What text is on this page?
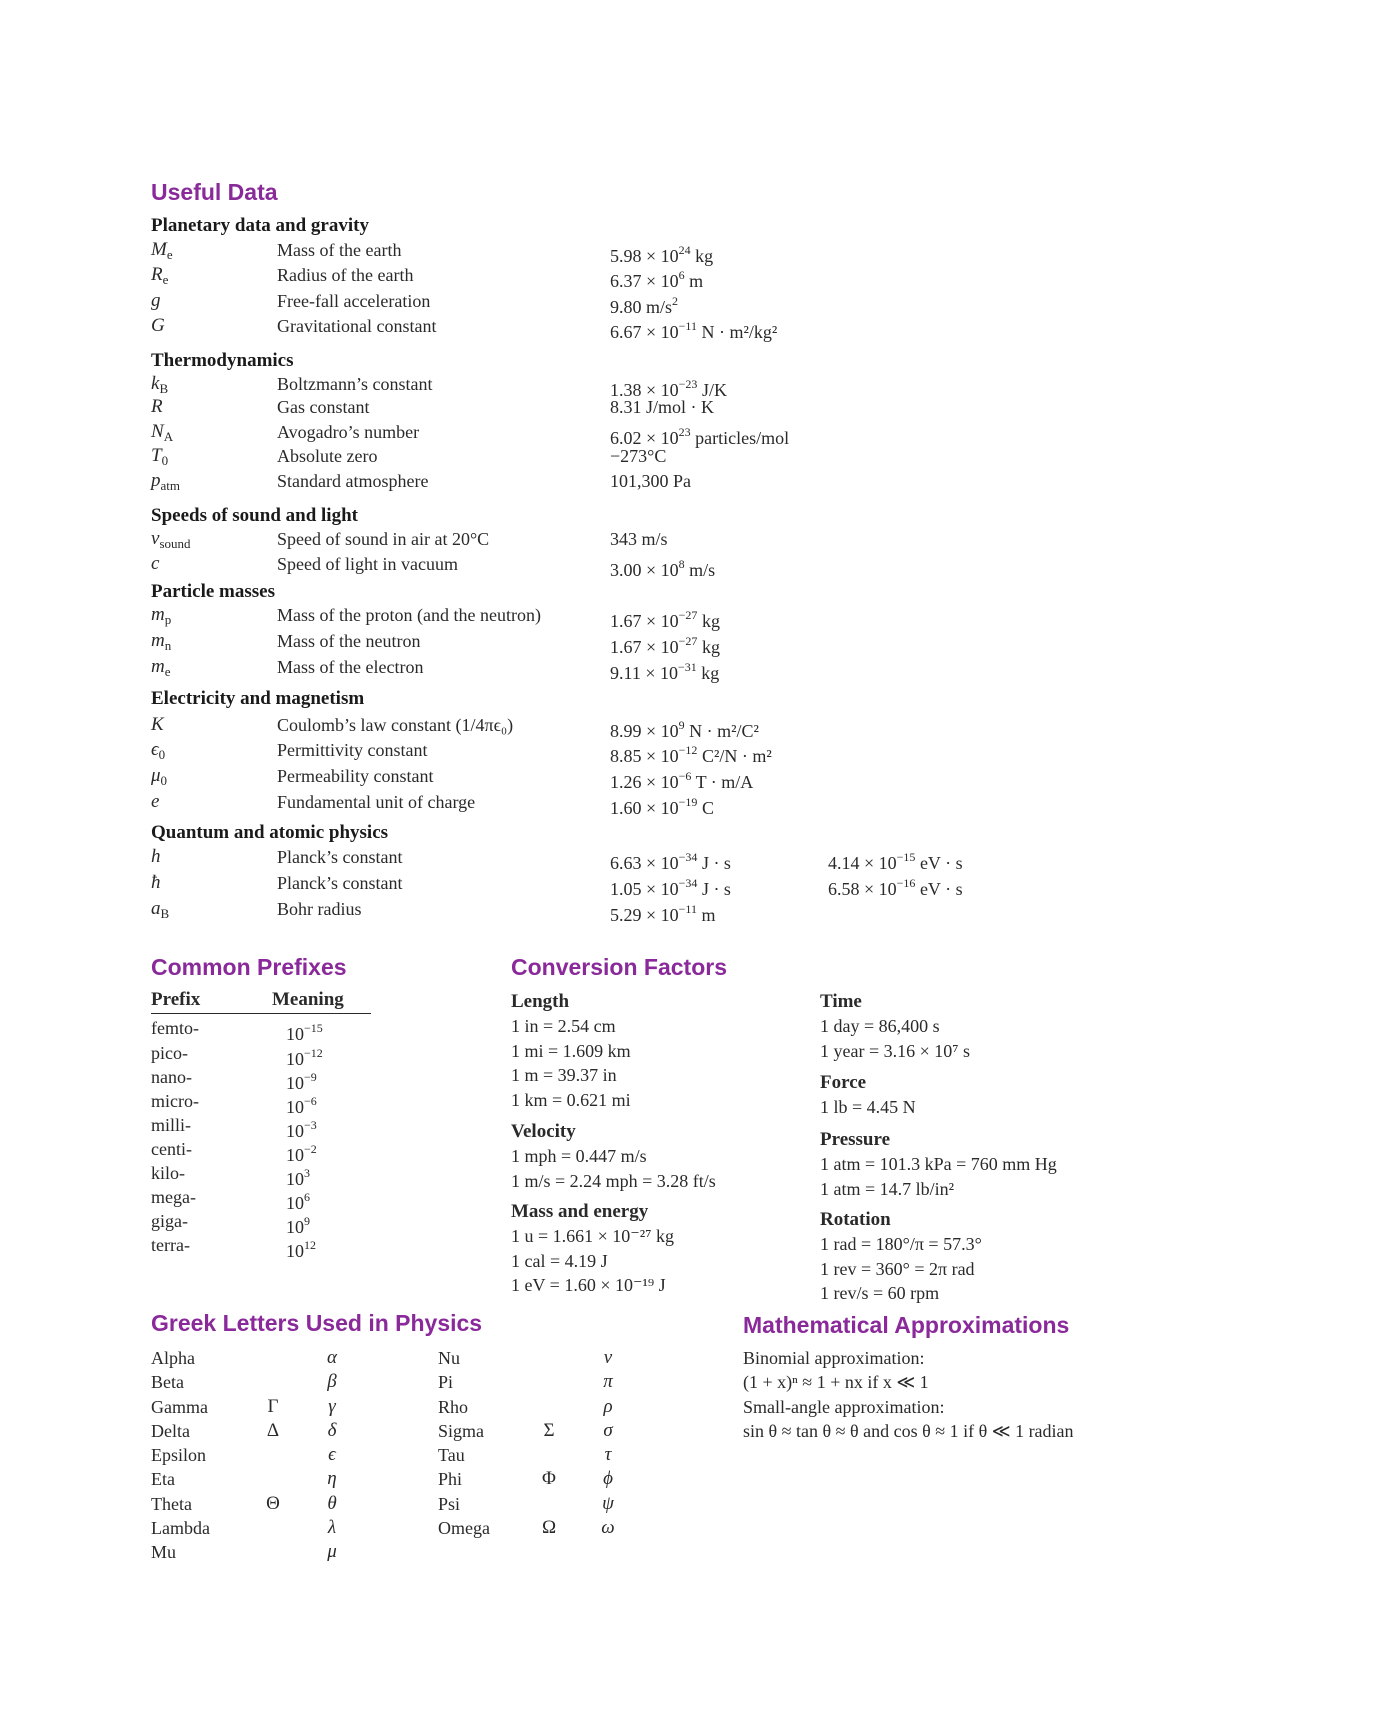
Useful Data
Planetary data and gravity
$M_e$	Mass of the earth	$5.98 \times 10^{24}$ kg
$R_e$	Radius of the earth	$6.37 \times 10^6$ m
g	Free-fall acceleration	9.80 $m/s^2$
G	Gravitational constant	$6.67 \times 10^{-11}$ N · m²/kg²
Thermodynamics
$k_B$	Boltzmann’s constant	$1.38 \times 10^{-23}$ J/K
R	Gas constant	8.31 J/mol · K
$N_A$	Avogadro’s number	$6.02 \times 10^{23}$ particles/mol
$T_0$	Absolute zero	−273°C
$p_{atm}$	Standard atmosphere	101,300 Pa
Speeds of sound and light
$v_{sound}$	Speed of sound in air at 20°C	343 m/s
c	Speed of light in vacuum	$3.00 \times 10^8$ m/s
Particle masses
$m_p$	Mass of the proton (and the neutron)	$1.67 \times 10^{-27}$ kg
$m_n$	Mass of the neutron	$1.67 \times 10^{-27}$ kg
$m_e$	Mass of the electron	$9.11 \times 10^{-31}$ kg
Electricity and magnetism
K	Coulomb’s law constant (1/4πϵ₀)	$8.99 \times 10^9$ N · m²/C²
$\epsilon_0$	Permittivity constant	$8.85 \times 10^{-12}$ C²/N · m²
$\mu_0$	Permeability constant	$1.26 \times 10^{-6}$ T · m/A
e	Fundamental unit of charge	$1.60 \times 10^{-19}$ C
Quantum and atomic physics
h	Planck’s constant	$6.63 \times 10^{-34}$ J · s	$4.14 \times 10^{-15}$ eV · s
ħ	Planck’s constant	$1.05 \times 10^{-34}$ J · s	$6.58 \times 10^{-16}$ eV · s
$a_B$	Bohr radius	$5.29 \times 10^{-11}$ m
Common Prefixes
Prefix	Meaning
femto-	$10^{-15}$
pico-	$10^{-12}$
nano-	$10^{-9}$
micro-	$10^{-6}$
milli-	$10^{-3}$
centi-	$10^{-2}$
kilo-	$10^3$
mega-	$10^6$
giga-	$10^9$
terra-	$10^{12}$
Conversion Factors
Length
1 in = 2.54 cm
1 mi = 1.609 km
1 m = 39.37 in
1 km = 0.621 mi
Velocity
1 mph = 0.447 m/s
1 m/s = 2.24 mph = 3.28 ft/s
Mass and energy
1 u = 1.661 × 10⁻²⁷ kg
1 cal = 4.19 J
1 eV = 1.60 × 10⁻¹⁹ J
Time
1 day = 86,400 s
1 year = 3.16 × 10⁷ s
Force
1 lb = 4.45 N
Pressure
1 atm = 101.3 kPa = 760 mm Hg
1 atm = 14.7 lb/in²
Rotation
1 rad = 180°/π = 57.3°
1 rev = 360° = 2π rad
1 rev/s = 60 rpm
Greek Letters Used in Physics
Alpha	α
Beta	β
Gamma	Γ	γ
Delta	Δ	δ
Epsilon	ϵ
Eta	η
Theta	Θ	θ
Lambda	λ
Mu	μ
Nu	ν
Pi	π
Rho	ρ
Sigma	Σ	σ
Tau	τ
Phi	Φ	ϕ
Psi	ψ
Omega	Ω ω
Mathematical Approximations
Binomial approximation:
(1 + x)ⁿ ≈ 1 + nx if x ≪ 1
Small-angle approximation:
sin θ ≈ tan θ ≈ θ and cos θ ≈ 1 if θ ≪ 1 radian
